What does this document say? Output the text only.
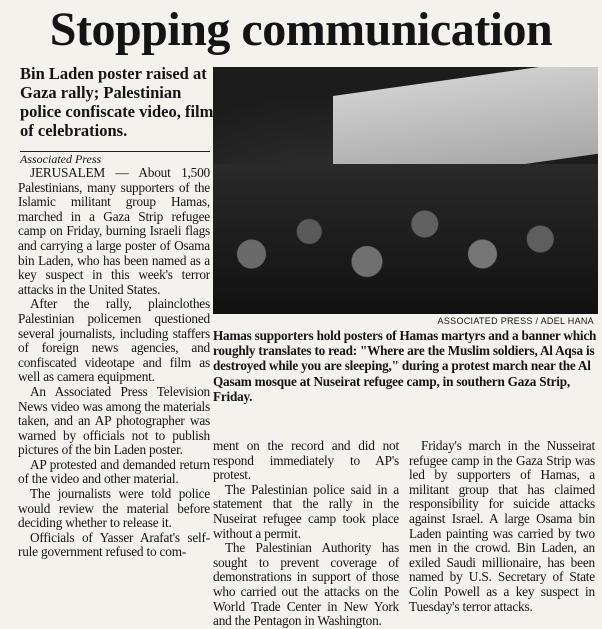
Stopping communication
Bin Laden poster raised at Gaza rally; Palestinian police confiscate video, film of celebrations.
Associated Press
ASSOCIATED PRESS / ADEL HANA
Hamas supporters hold posters of Hamas martyrs and a banner which roughly translates to read: "Where are the Muslim soldiers, Al Aqsa is destroyed while you are sleeping," during a protest march near the Al Qasam mosque at Nuseirat refugee camp, in southern Gaza Strip, Friday.

JERUSALEM — About 1,500 Palestinians, many supporters of the Islamic militant group Hamas, marched in a Gaza Strip refugee camp on Friday, burning Israeli flags and carrying a large poster of Osama bin Laden, who has been named as a key suspect in this week's terror attacks in the United States.

After the rally, plainclothes Palestinian policemen questioned several journalists, including staffers of foreign news agencies, and confiscated videotape and film as well as camera equipment.

An Associated Press Television News video was among the materials taken, and an AP photographer was warned by officials not to publish pictures of the bin Laden poster.

AP protested and demanded return of the video and other material.

The journalists were told police would review the material before deciding whether to release it.

Officials of Yasser Arafat's self-rule government refused to com-

ment on the record and did not respond immediately to AP's protest.

The Palestinian police said in a statement that the rally in the Nuseirat refugee camp took place without a permit.

The Palestinian Authority has sought to prevent coverage of demonstrations in support of those who carried out the attacks on the World Trade Center in New York and the Pentagon in Washington.

Friday's march in the Nusseirat refugee camp in the Gaza Strip was led by supporters of Hamas, a militant group that has claimed responsibility for suicide attacks against Israel. A large Osama bin Laden painting was carried by two men in the crowd. Bin Laden, an exiled Saudi millionaire, has been named by U.S. Secretary of State Colin Powell as a key suspect in Tuesday's terror attacks.
